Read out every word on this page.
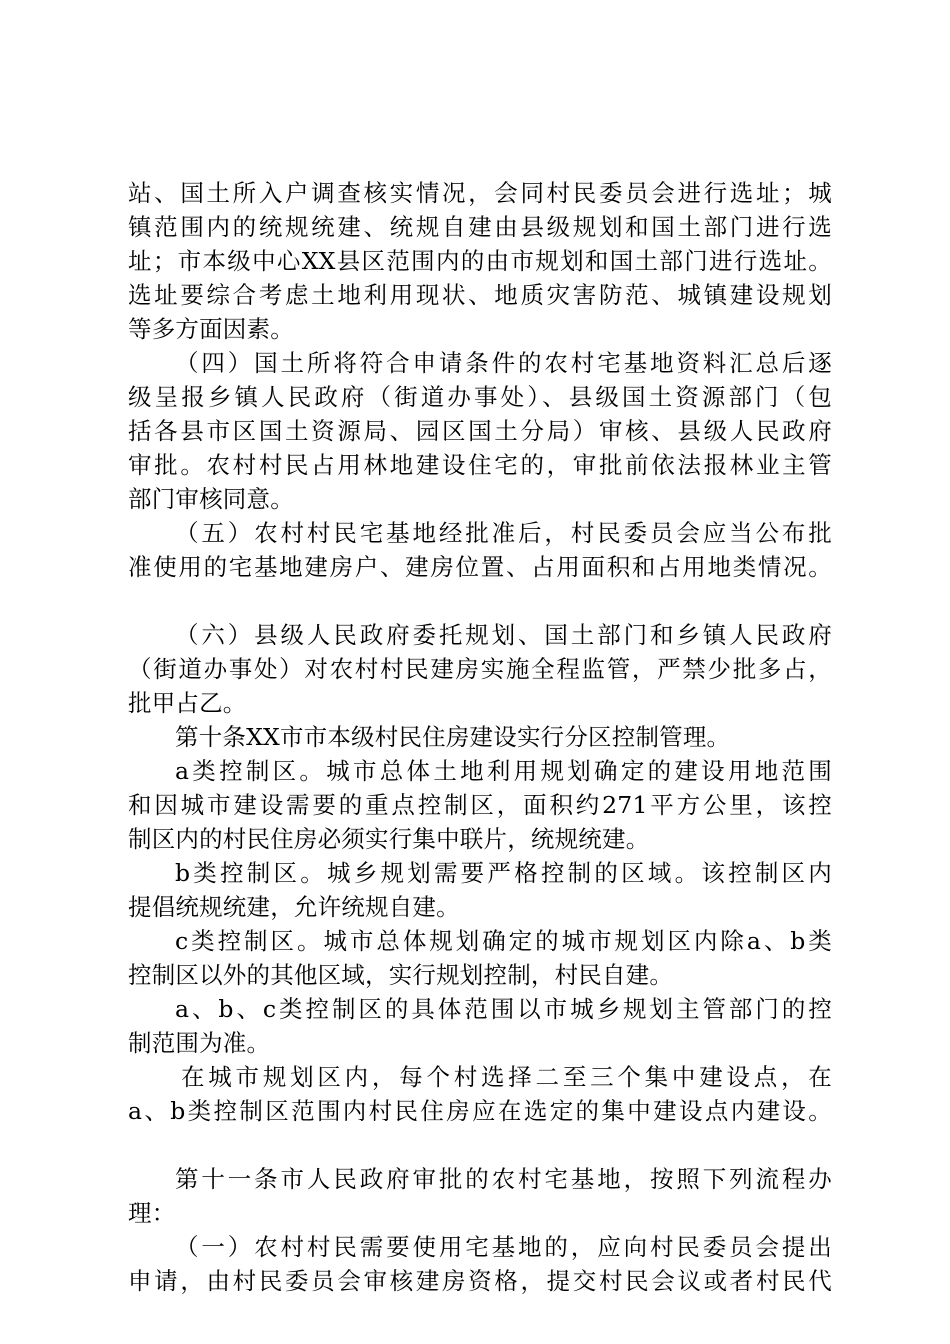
站、国土所入户调查核实情况，会同村民委员会进行选址；城
镇范围内的统规统建、统规自建由县级规划和国土部门进行选
址；市本级中心XX县区范围内的由市规划和国土部门进行选址。
选址要综合考虑土地利用现状、地质灾害防范、城镇建设规划
等多方面因素。
（四）国土所将符合申请条件的农村宅基地资料汇总后逐
级呈报乡镇人民政府（街道办事处）、县级国土资源部门（包
括各县市区国土资源局、园区国土分局）审核、县级人民政府
审批。农村村民占用林地建设住宅的，审批前依法报林业主管
部门审核同意。
（五）农村村民宅基地经批准后，村民委员会应当公布批
准使用的宅基地建房户、建房位置、占用面积和占用地类情况。
（六）县级人民政府委托规划、国土部门和乡镇人民政府
（街道办事处）对农村村民建房实施全程监管，严禁少批多占，
批甲占乙。
第十条XX市市本级村民住房建设实行分区控制管理。
a类控制区。城市总体土地利用规划确定的建设用地范围
和因城市建设需要的重点控制区，面积约271平方公里，该控
制区内的村民住房必须实行集中联片，统规统建。
b类控制区。城乡规划需要严格控制的区域。该控制区内
提倡统规统建，允许统规自建。
c类控制区。城市总体规划确定的城市规划区内除a、b类
控制区以外的其他区域，实行规划控制，村民自建。
a、b、c类控制区的具体范围以市城乡规划主管部门的控
制范围为准。
在城市规划区内，每个村选择二至三个集中建设点，在
a、b类控制区范围内村民住房应在选定的集中建设点内建设。
第十一条市人民政府审批的农村宅基地，按照下列流程办
理：
（一）农村村民需要使用宅基地的，应向村民委员会提出
申请，由村民委员会审核建房资格，提交村民会议或者村民代
